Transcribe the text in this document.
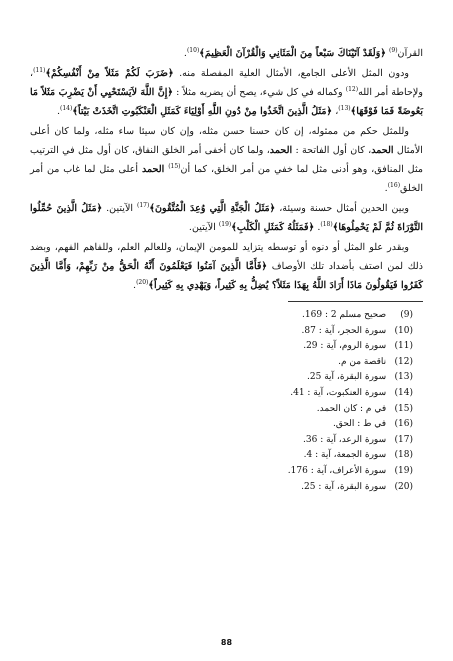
القرآن$^{(9)}$ ﴿وَلَقَدْ آتَيْنَاكَ سَبْعاً مِنَ الْمَثَانِي وَالْقُرْآنَ الْعَظِيمَ﴾$^{(10)}$.

ودون المثل الأعلى الجامع، الأمثال العلية المفصلة منه. ﴿ضَرَبَ لَكُمْ مَثَلاً مِنْ أَنْفُسِكُمْ﴾$^{(11)}$، ولإحاطة أمر الله$^{(12)}$ وكماله في كل شيء، يصح أن يضربه مثلاً : ﴿إِنَّ اللَّهَ لاَيَسْتَحْيِي أَنْ يَضْرِبَ مَثَلاً مَا بَعُوضَةً فَمَا فَوْقَهَا﴾$^{(13)}$، ﴿مَثَلُ الَّذِينَ اتَّخَذُوا مِنْ دُونِ اللَّهِ أَوْلِيَاءَ كَمَثَلِ الْعَنْكَبُوتِ اتَّخَذَتْ بَيْتاً﴾$^{(14)}$.

وللمثل حكم من ممثوله، إن كان حسنا حسن مثله، وإن كان سيئا ساء مثله، ولما كان أعلى الأمثال الحمد، كان أول الفاتحة : الحمد، ولما كان أخفى أمر الخلق النفاق، كان أول مثل في الترتيب مثل المنافق، وهو أدنى مثل لما خفي من أمر الخلق، كما أن$^{(15)}$ الحمد أعلى مثل لما غاب من أمر الخلق$^{(16)}$.

وبين الحدين أمثال حسنة وسيئة، ﴿مَثَلُ الْجَنَّةِ الَّتِي وُعِدَ الْمُتَّقُونَ﴾$^{(17)}$ الآيتين. ﴿مَثَلُ الَّذِينَ حُمِّلُوا التَّوْرَاةَ ثُمَّ لَمْ يَحْمِلُوهَا﴾$^{(18)}$. ﴿فَمَثَلُهُ كَمَثَلِ الْكَلْبِ﴾$^{(19)}$ الآيتين.

وبقدر علو المثل أو دنوه أو توسطه يتزايد للمومن الإيمان، وللعالم العلم، وللفاهم الفهم، وبضد ذلك لمن اصتف بأضداد تلك الأوصاف ﴿فَأَمَّا الَّذِينَ آمَنُوا فَيَعْلَمُونَ أَنَّهُ الْحَقُّ مِنْ رَبِّهِمْ، وَأَمَّا الَّذِينَ كَفَرُوا فَيَقُولُونَ مَاذَا أَرَادَ اللَّهُ بِهَذَا مَثَلاً؟ يُضِلُّ بِهِ كَثِيراً، وَيَهْدِي بِهِ كَثِيراً﴾$^{(20)}$.

(9) صحيح مسلم 2 : 169.
(10) سورة الحجر، آية : 87.
(11) سورة الروم، آية : 29.
(12) ناقصة من م.
(13) سورة البقرة، آية 25.
(14) سورة العنكبوت، آية : 41.
(15) في م : كان الحمد.
(16) في ط : الحق.
(17) سورة الرعد، آية : 36.
(18) سورة الجمعة، آية : 4.
(19) سورة الأعراف، آية : 176.
(20) سورة البقرة، آية : 25.
88
